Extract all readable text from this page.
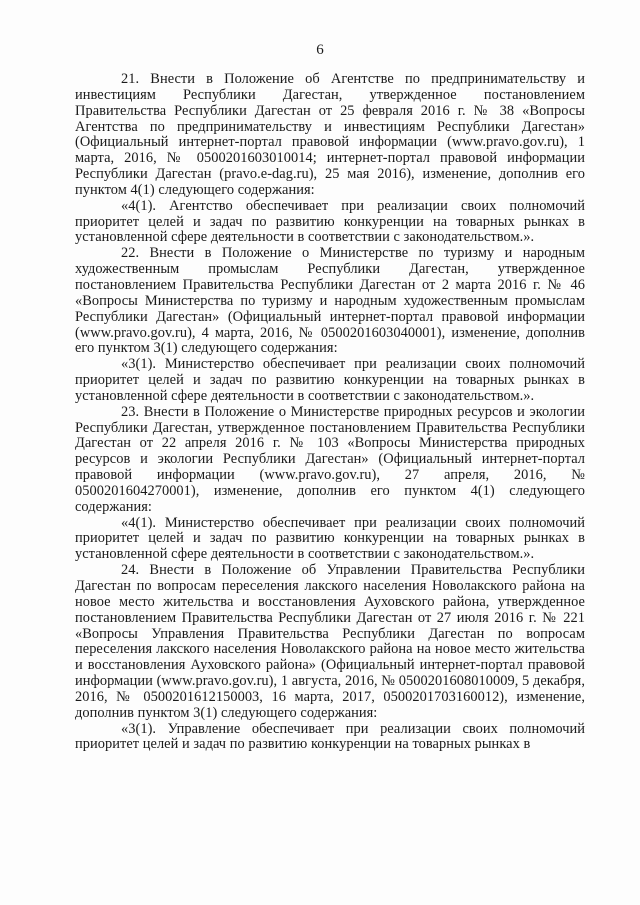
6

21. Внести в Положение об Агентстве по предпринимательству и инвестициям Республики Дагестан, утвержденное постановлением Правительства Республики Дагестан от 25 февраля 2016 г. № 38 «Вопросы Агентства по предпринимательству и инвестициям Республики Дагестан» (Официальный интернет-портал правовой информации (www.pravo.gov.ru), 1 марта, 2016, № 0500201603010014; интернет-портал правовой информации Республики Дагестан (pravo.e-dag.ru), 25 мая 2016), изменение, дополнив его пунктом 4(1) следующего содержания:

«4(1). Агентство обеспечивает при реализации своих полномочий приоритет целей и задач по развитию конкуренции на товарных рынках в установленной сфере деятельности в соответствии с законодательством.».

22. Внести в Положение о Министерстве по туризму и народным художественным промыслам Республики Дагестан, утвержденное постановлением Правительства Республики Дагестан от 2 марта 2016 г. № 46 «Вопросы Министерства по туризму и народным художественным промыслам Республики Дагестан» (Официальный интернет-портал правовой информации (www.pravo.gov.ru), 4 марта, 2016, № 0500201603040001), изменение, дополнив его пунктом 3(1) следующего содержания:

«3(1). Министерство обеспечивает при реализации своих полномочий приоритет целей и задач по развитию конкуренции на товарных рынках в установленной сфере деятельности в соответствии с законодательством.».

23. Внести в Положение о Министерстве природных ресурсов и экологии Республики Дагестан, утвержденное постановлением Правительства Республики Дагестан от 22 апреля 2016 г. № 103 «Вопросы Министерства природных ресурсов и экологии Республики Дагестан» (Официальный интернет-портал правовой информации (www.pravo.gov.ru), 27 апреля, 2016, № 0500201604270001), изменение, дополнив его пунктом 4(1) следующего содержания:

«4(1). Министерство обеспечивает при реализации своих полномочий приоритет целей и задач по развитию конкуренции на товарных рынках в установленной сфере деятельности в соответствии с законодательством.».

24. Внести в Положение об Управлении Правительства Республики Дагестан по вопросам переселения лакского населения Новолакского района на новое место жительства и восстановления Ауховского района, утвержденное постановлением Правительства Республики Дагестан от 27 июля 2016 г. № 221 «Вопросы Управления Правительства Республики Дагестан по вопросам переселения лакского населения Новолакского района на новое место жительства и восстановления Ауховского района» (Официальный интернет-портал правовой информации (www.pravo.gov.ru), 1 августа, 2016, № 0500201608010009, 5 декабря, 2016, № 0500201612150003, 16 марта, 2017, 0500201703160012), изменение, дополнив пунктом 3(1) следующего содержания:

«3(1). Управление обеспечивает при реализации своих полномочий приоритет целей и задач по развитию конкуренции на товарных рынках в
